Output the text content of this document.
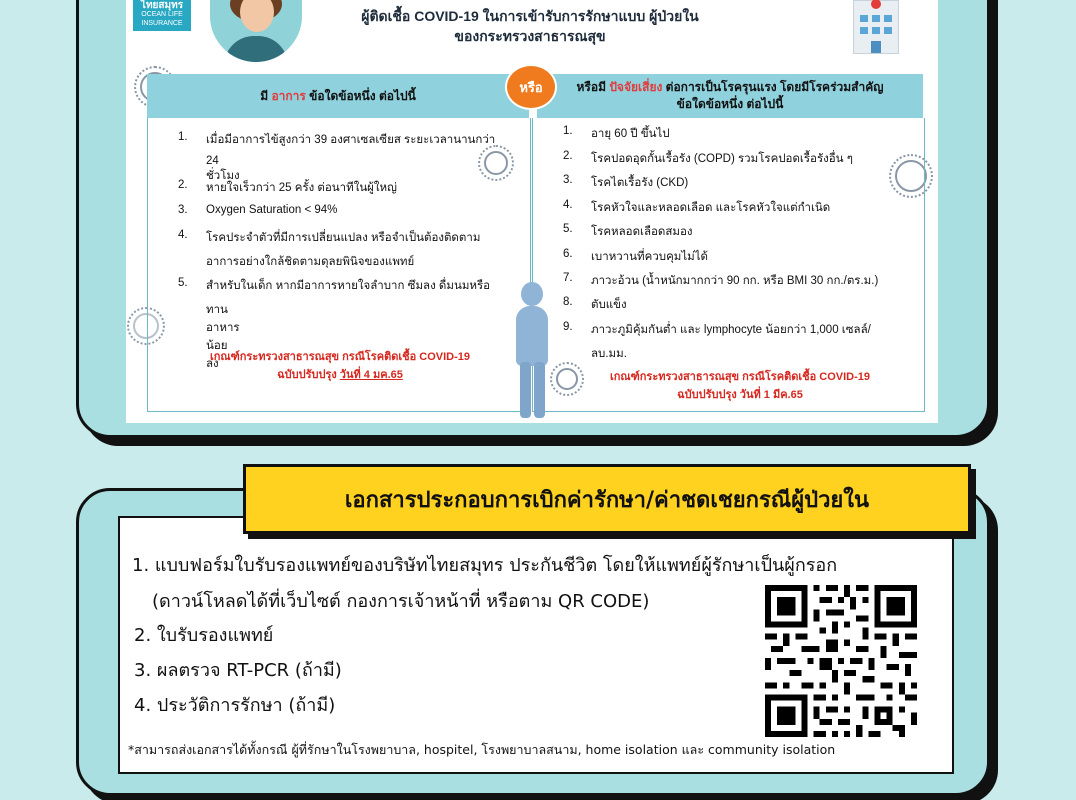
ไทยสมุทร
OCEAN LIFE
INSURANCE	ผู้ติดเชื้อ COVID-19 ในการเข้ารับการรักษาแบบ ผู้ป่วยใน
ของกระทรวงสาธารณสุข
มี อาการ ข้อใดข้อหนึ่ง ต่อไปนี้
หรือมี ปัจจัยเสี่ยง ต่อการเป็นโรครุนแรง โดยมีโรคร่วมสำคัญ
ข้อใดข้อหนึ่ง ต่อไปนี้
หรือ
1. เมื่อมีอาการไข้สูงกว่า 39 องศาเซลเซียส ระยะเวลานานกว่า
24 ชั่วโมง
2. หายใจเร็วกว่า 25 ครั้ง ต่อนาทีในผู้ใหญ่
3. Oxygen Saturation < 94%
4. โรคประจำตัวที่มีการเปลี่ยนแปลง หรือจำเป็นต้องติดตาม
อาการอย่างใกล้ชิดตามดุลยพินิจของแพทย์
5. สำหรับในเด็ก หากมีอาการหายใจลำบาก ซึมลง ดื่มนมหรือ
ทานอาหารน้อยลง
เกณฑ์กระทรวงสาธารณสุข กรณีโรคติดเชื้อ COVID-19
ฉบับปรับปรุง วันที่ 4 มค.65
1. อายุ 60 ปี ขึ้นไป
2. โรคปอดอุดกั้นเรื้อรัง (COPD) รวมโรคปอดเรื้อรังอื่น ๆ
3. โรคไตเรื้อรัง (CKD)
4. โรคหัวใจและหลอดเลือด และโรคหัวใจแต่กำเนิด
5. โรคหลอดเลือดสมอง
6. เบาหวานที่ควบคุมไม่ได้
7. ภาวะอ้วน (น้ำหนักมากกว่า 90 กก. หรือ BMI 30 กก./ตร.ม.)
8. ตับแข็ง
9. ภาวะภูมิคุ้มกันต่ำ และ lymphocyte น้อยกว่า 1,000 เซลล์/
ลบ.มม.
เกณฑ์กระทรวงสาธารณสุข กรณีโรคติดเชื้อ COVID-19
ฉบับปรับปรุง วันที่ 1 มีค.65
เอกสารประกอบการเบิกค่ารักษา/ค่าชดเชยกรณีผู้ป่วยใน
1. แบบฟอร์มใบรับรองแพทย์ของบริษัทไทยสมุทร ประกันชีวิต โดยให้แพทย์ผู้รักษาเป็นผู้กรอก
(ดาวน์โหลดได้ที่เว็บไซต์ กองการเจ้าหน้าที่ หรือตาม QR CODE)
2. ใบรับรองแพทย์
3. ผลตรวจ RT-PCR (ถ้ามี)
4. ประวัติการรักษา (ถ้ามี)
*สามารถส่งเอกสารได้ทั้งกรณี ผู้ที่รักษาในโรงพยาบาล, hospitel, โรงพยาบาลสนาม, home isolation และ community isolation
